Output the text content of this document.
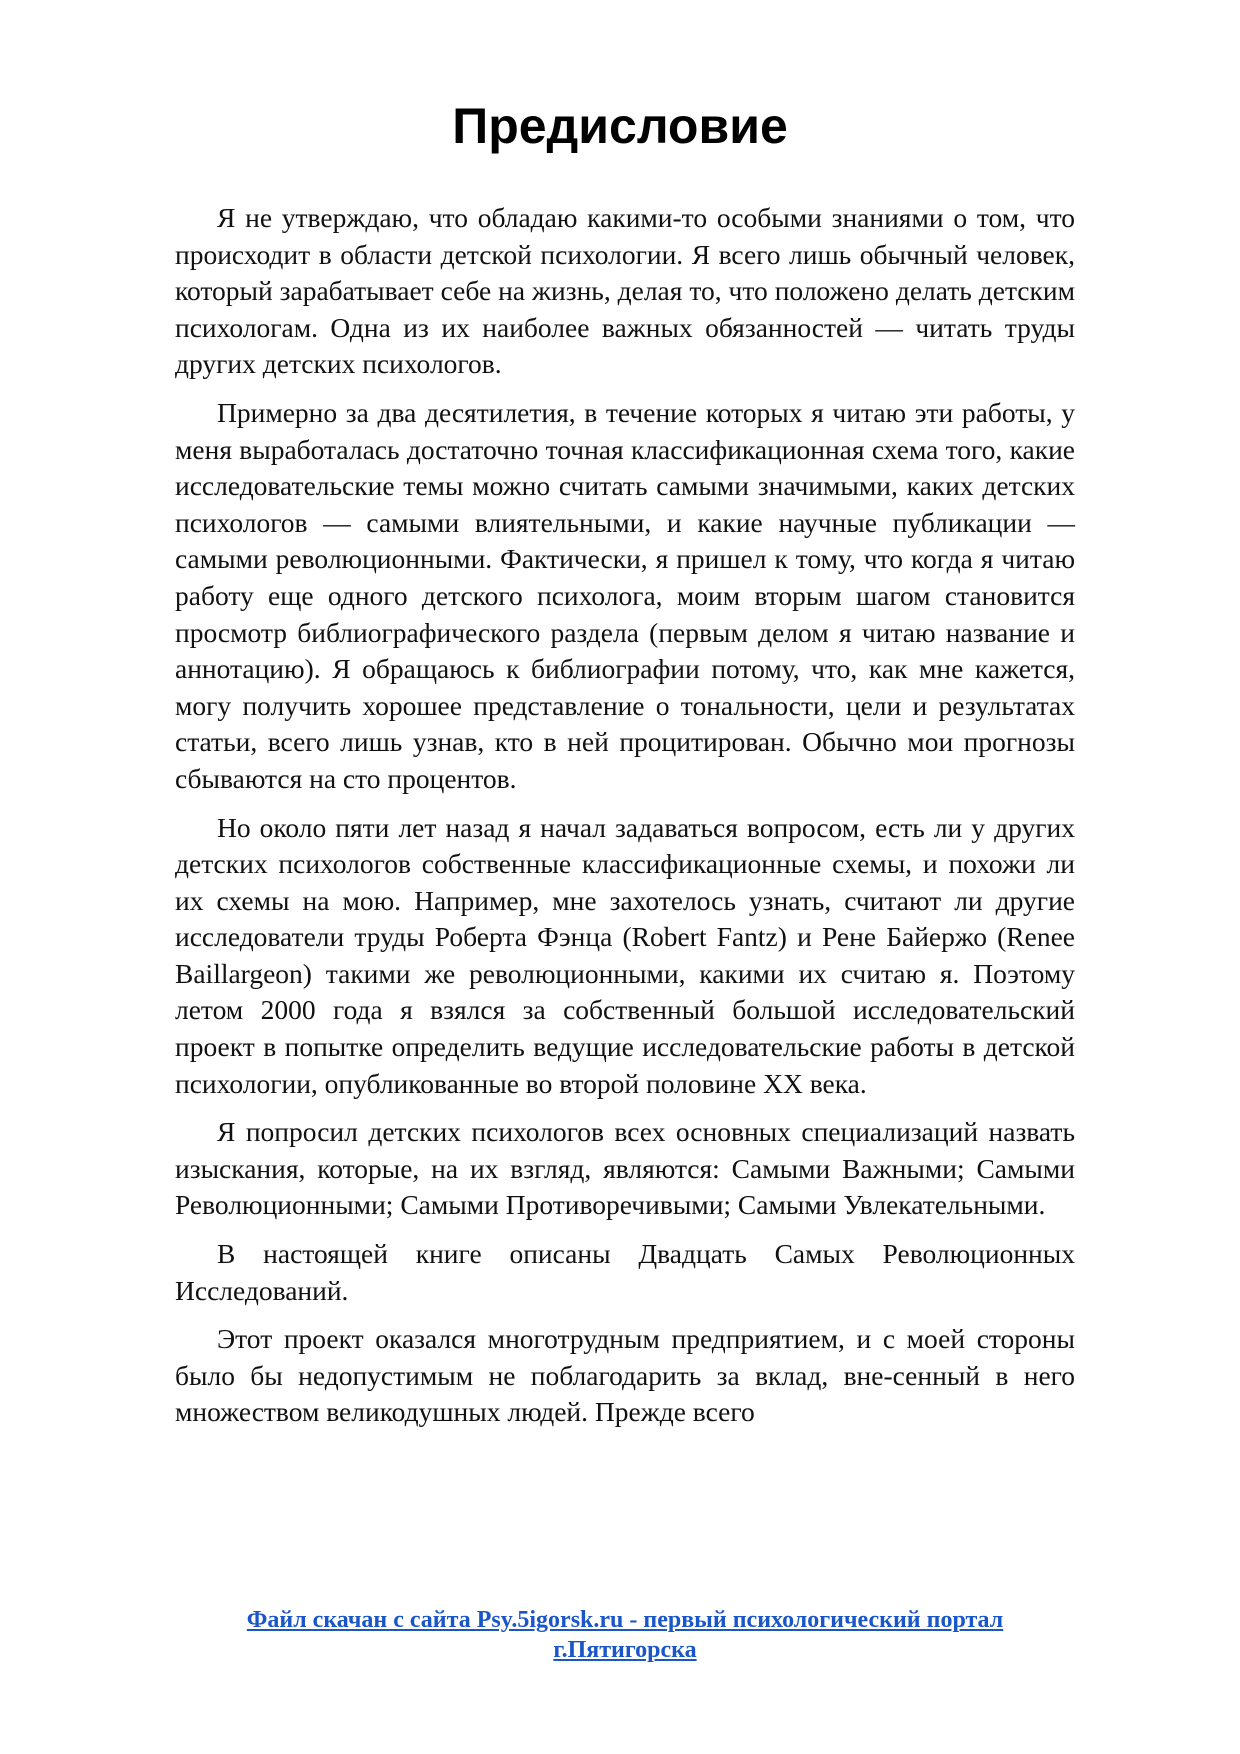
Предисловие

Я не утверждаю, что обладаю какими-то особыми знаниями о том, что происходит в области детской психологии. Я всего лишь обычный человек, который зарабатывает себе на жизнь, делая то, что положено делать детским психологам. Одна из их наиболее важных обязанностей — читать труды других детских психологов.

Примерно за два десятилетия, в течение которых я читаю эти работы, у меня выработалась достаточно точная классификационная схема того, какие исследовательские темы можно считать самыми значимыми, каких детских психологов — самыми влиятельными, и какие научные публикации — самыми революционными. Фактически, я пришел к тому, что когда я читаю работу еще одного детского психолога, моим вторым шагом становится просмотр библиографического раздела (первым делом я читаю название и аннотацию). Я обращаюсь к библиографии потому, что, как мне кажется, могу получить хорошее представление о тональности, цели и результатах статьи, всего лишь узнав, кто в ней процитирован. Обычно мои прогнозы сбываются на сто процентов.

Но около пяти лет назад я начал задаваться вопросом, есть ли у других детских психологов собственные классификационные схемы, и похожи ли их схемы на мою. Например, мне захотелось узнать, считают ли другие исследователи труды Роберта Фэнца (Robert Fantz) и Рене Байержо (Renee Baillargeon) такими же революционными, какими их считаю я. Поэтому летом 2000 года я взялся за собственный большой исследовательский проект в попытке определить ведущие исследовательские работы в детской психологии, опубликованные во второй половине XX века.

Я попросил детских психологов всех основных специализаций назвать изыскания, которые, на их взгляд, являются: Самыми Важными; Самыми Революционными; Самыми Противоречивыми; Самыми Увлекательными.

В настоящей книге описаны Двадцать Самых Революционных Исследований.

Этот проект оказался многотрудным предприятием, и с моей стороны было бы недопустимым не поблагодарить за вклад, вне-сенный в него множеством великодушных людей. Прежде всего

Файл скачан с сайта Psy.5igorsk.ru - первый психологический портал
г.Пятигорска
